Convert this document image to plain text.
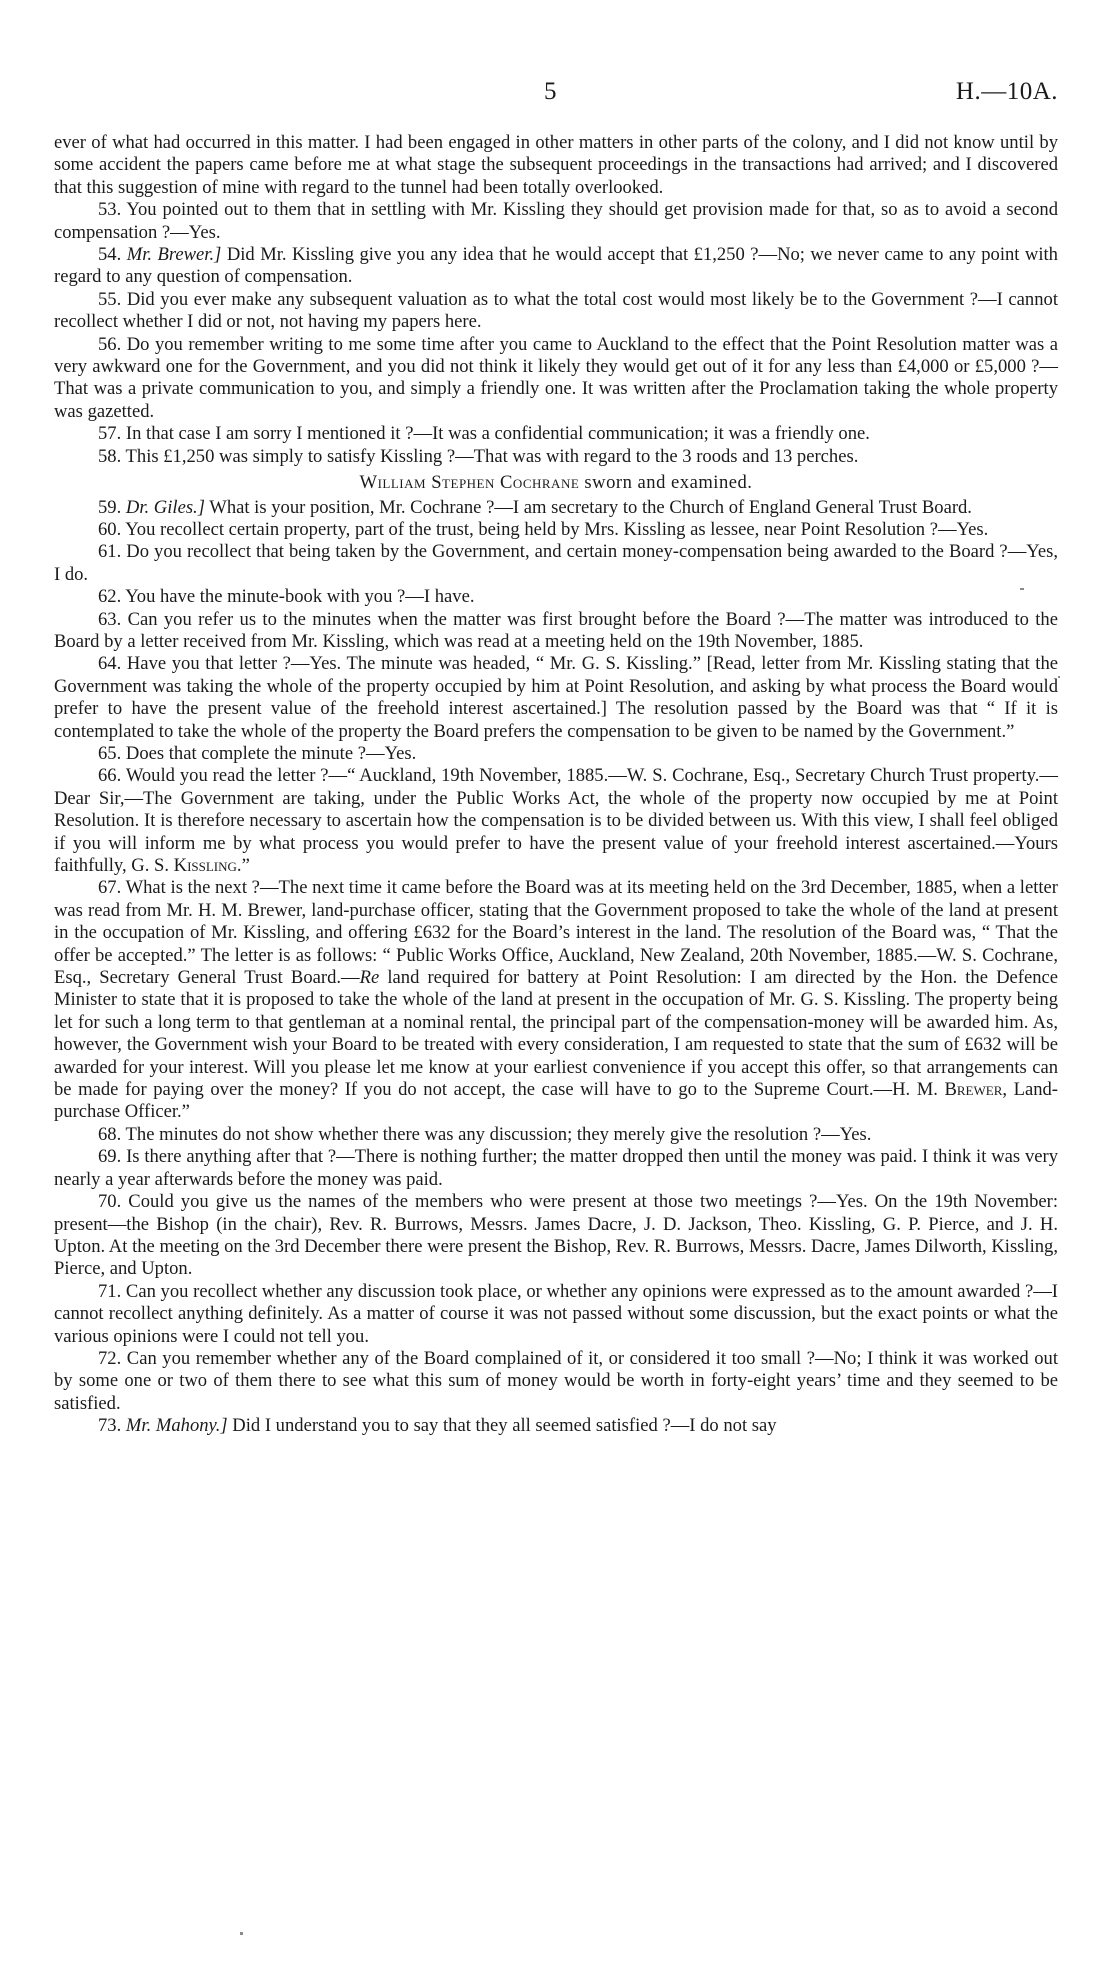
5	H.—10A.

ever of what had occurred in this matter. I had been engaged in other matters in other parts of the colony, and I did not know until by some accident the papers came before me at what stage the subsequent proceedings in the transactions had arrived; and I discovered that this suggestion of mine with regard to the tunnel had been totally overlooked.

53. You pointed out to them that in settling with Mr. Kissling they should get provision made for that, so as to avoid a second compensation ?—Yes.

54. Mr. Brewer.] Did Mr. Kissling give you any idea that he would accept that £1,250 ?—No; we never came to any point with regard to any question of compensation.

55. Did you ever make any subsequent valuation as to what the total cost would most likely be to the Government ?—I cannot recollect whether I did or not, not having my papers here.

56. Do you remember writing to me some time after you came to Auckland to the effect that the Point Resolution matter was a very awkward one for the Government, and you did not think it likely they would get out of it for any less than £4,000 or £5,000 ?—That was a private communication to you, and simply a friendly one. It was written after the Proclamation taking the whole property was gazetted.

57. In that case I am sorry I mentioned it ?—It was a confidential communication; it was a friendly one.

58. This £1,250 was simply to satisfy Kissling ?—That was with regard to the 3 roods and 13 perches.

William Stephen Cochrane sworn and examined.

59. Dr. Giles.] What is your position, Mr. Cochrane ?—I am secretary to the Church of England General Trust Board.

60. You recollect certain property, part of the trust, being held by Mrs. Kissling as lessee, near Point Resolution ?—Yes.

61. Do you recollect that being taken by the Government, and certain money-compensation being awarded to the Board ?—Yes, I do.

62. You have the minute-book with you ?—I have.

63. Can you refer us to the minutes when the matter was first brought before the Board ?—The matter was introduced to the Board by a letter received from Mr. Kissling, which was read at a meeting held on the 19th November, 1885.

64. Have you that letter ?—Yes. The minute was headed, “ Mr. G. S. Kissling.” [Read, letter from Mr. Kissling stating that the Government was taking the whole of the property occupied by him at Point Resolution, and asking by what process the Board would prefer to have the present value of the freehold interest ascertained.] The resolution passed by the Board was that “ If it is contemplated to take the whole of the property the Board prefers the compensation to be given to be named by the Government.”

65. Does that complete the minute ?—Yes.

66. Would you read the letter ?—“ Auckland, 19th November, 1885.—W. S. Cochrane, Esq., Secretary Church Trust property.—Dear Sir,—The Government are taking, under the Public Works Act, the whole of the property now occupied by me at Point Resolution. It is therefore necessary to ascertain how the compensation is to be divided between us. With this view, I shall feel obliged if you will inform me by what process you would prefer to have the present value of your freehold interest ascertained.—Yours faithfully, G. S. Kissling.”

67. What is the next ?—The next time it came before the Board was at its meeting held on the 3rd December, 1885, when a letter was read from Mr. H. M. Brewer, land-purchase officer, stating that the Government proposed to take the whole of the land at present in the occupation of Mr. Kissling, and offering £632 for the Board’s interest in the land. The resolution of the Board was, “ That the offer be accepted.” The letter is as follows: “ Public Works Office, Auckland, New Zealand, 20th November, 1885.—W. S. Cochrane, Esq., Secretary General Trust Board.—Re land required for battery at Point Resolution: I am directed by the Hon. the Defence Minister to state that it is proposed to take the whole of the land at present in the occupation of Mr. G. S. Kissling. The property being let for such a long term to that gentleman at a nominal rental, the principal part of the compensation-money will be awarded him. As, however, the Government wish your Board to be treated with every consideration, I am requested to state that the sum of £632 will be awarded for your interest. Will you please let me know at your earliest convenience if you accept this offer, so that arrangements can be made for paying over the money? If you do not accept, the case will have to go to the Supreme Court.—H. M. Brewer, Land-purchase Officer.”

68. The minutes do not show whether there was any discussion; they merely give the resolution ?—Yes.

69. Is there anything after that ?—There is nothing further; the matter dropped then until the money was paid. I think it was very nearly a year afterwards before the money was paid.

70. Could you give us the names of the members who were present at those two meetings ?—Yes. On the 19th November: present—the Bishop (in the chair), Rev. R. Burrows, Messrs. James Dacre, J. D. Jackson, Theo. Kissling, G. P. Pierce, and J. H. Upton. At the meeting on the 3rd December there were present the Bishop, Rev. R. Burrows, Messrs. Dacre, James Dilworth, Kissling, Pierce, and Upton.

71. Can you recollect whether any discussion took place, or whether any opinions were expressed as to the amount awarded ?—I cannot recollect anything definitely. As a matter of course it was not passed without some discussion, but the exact points or what the various opinions were I could not tell you.

72. Can you remember whether any of the Board complained of it, or considered it too small ?—No; I think it was worked out by some one or two of them there to see what this sum of money would be worth in forty-eight years’ time and they seemed to be satisfied.

73. Mr. Mahony.] Did I understand you to say that they all seemed satisfied ?—I do not say
